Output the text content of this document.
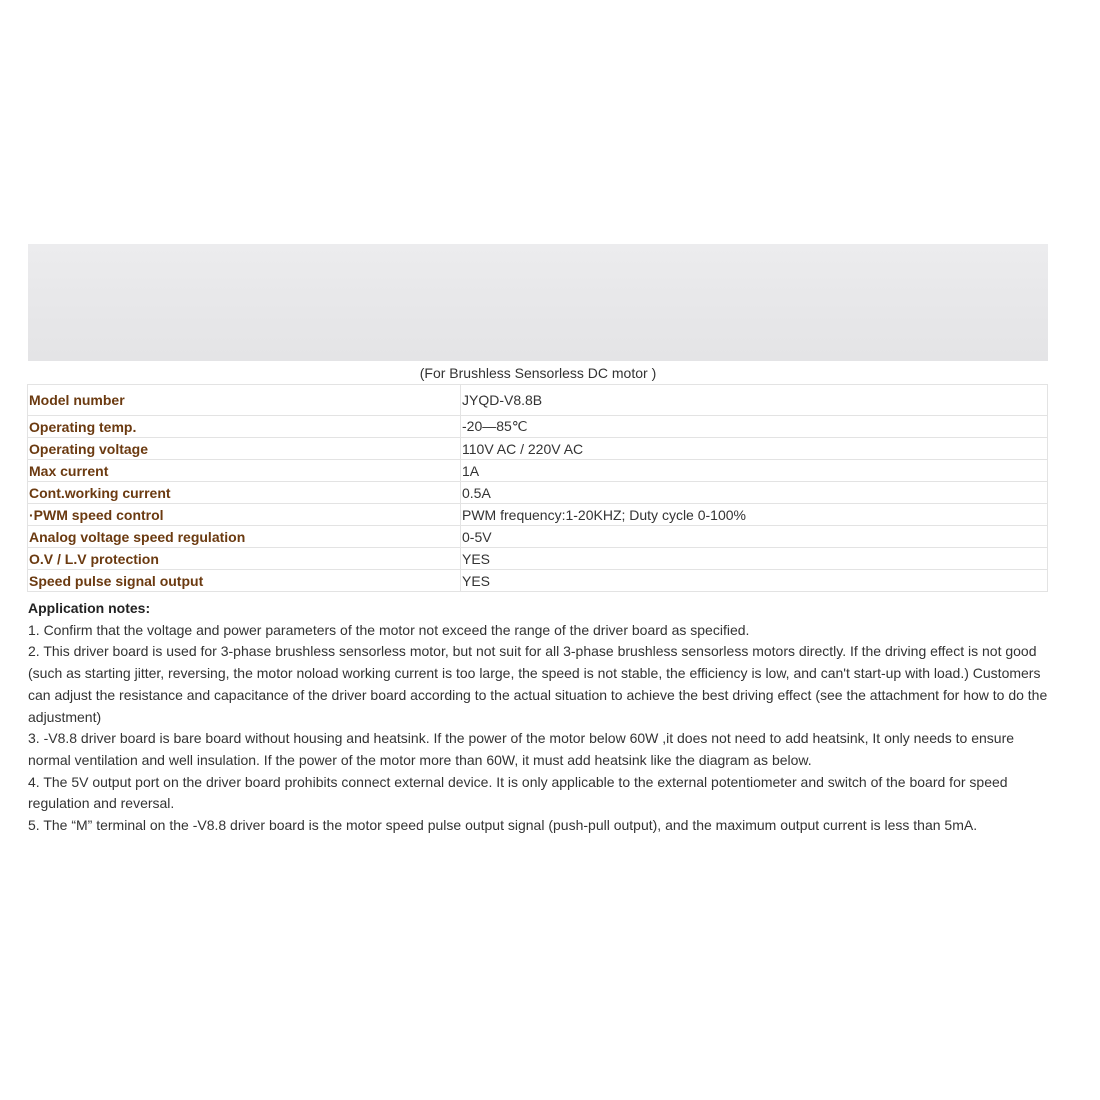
(For Brushless Sensorless DC motor )
Model number	JYQD-V8.8B
Operating temp.	-20—85℃
Operating voltage	110V AC / 220V AC
Max current	1A
Cont.working current	0.5A
·PWM speed control	PWM frequency:1-20KHZ; Duty cycle 0-100%
Analog voltage speed regulation	0-5V
O.V / L.V protection	YES
Speed pulse signal output	YES

Application notes:

1. Confirm that the voltage and power parameters of the motor not exceed the range of the driver board as specified.

2. This driver board is used for 3-phase brushless sensorless motor, but not suit for all 3-phase brushless sensorless motors directly. If the driving effect is not good (such as starting jitter, reversing, the motor noload working current is too large, the speed is not stable, the efficiency is low, and can't start-up with load.) Customers can adjust the resistance and capacitance of the driver board according to the actual situation to achieve the best driving effect (see the attachment for how to do the adjustment)

3. -V8.8 driver board is bare board without housing and heatsink. If the power of the motor below 60W ,it does not need to add heatsink, It only needs to ensure normal ventilation and well insulation. If the power of the motor more than 60W, it must add heatsink like the diagram as below.

4. The 5V output port on the driver board prohibits connect external device. It is only applicable to the external potentiometer and switch of the board for speed regulation and reversal.

5. The “M” terminal on the -V8.8 driver board is the motor speed pulse output signal (push-pull output), and the maximum output current is less than 5mA.
